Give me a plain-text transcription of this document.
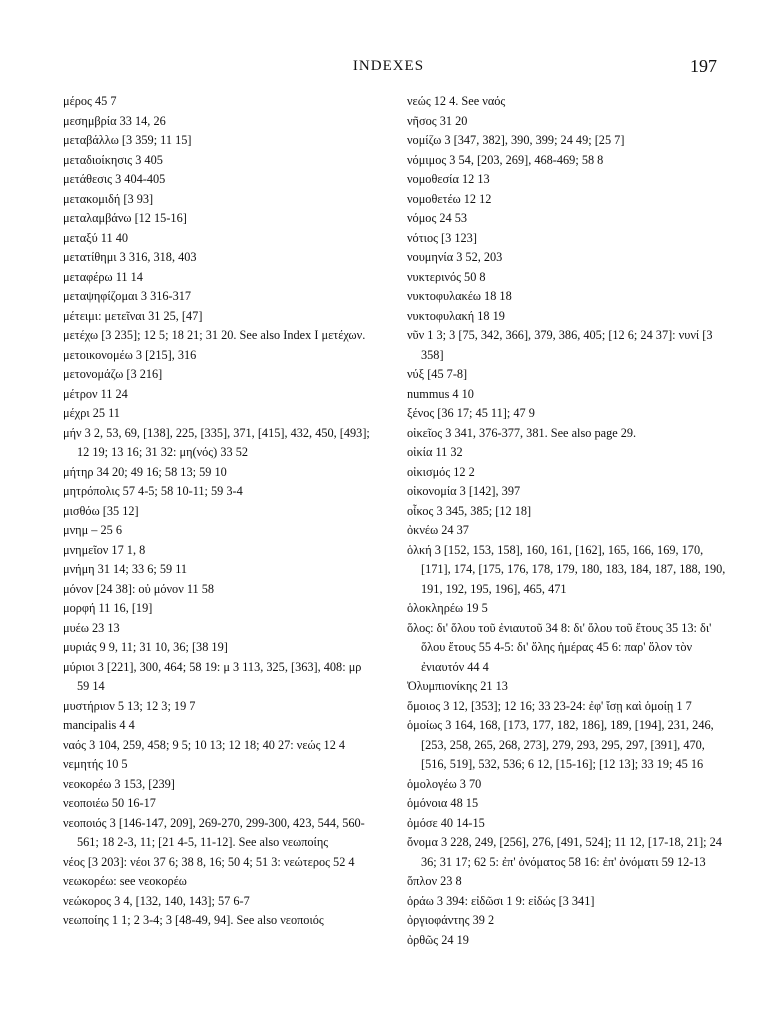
INDEXES	197
μέρος 45 7
μεσημβρία 33 14, 26
μεταβάλλω [3 359; 11 15]
μεταδιοίκησις 3 405
μετάθεσις 3 404-405
μετακομιδή [3 93]
μεταλαμβάνω [12 15-16]
μεταξύ 11 40
μετατίθημι 3 316, 318, 403
μεταφέρω 11 14
μεταψηφίζομαι 3 316-317
μέτειμι: μετεῖναι 31 25, [47]
μετέχω [3 235]; 12 5; 18 21; 31 20. See also Index I μετέχων.
μετοικονομέω 3 [215], 316
μετονομάζω [3 216]
μέτρον 11 24
μέχρι 25 11
μήν 3 2, 53, 69, [138], 225, [335], 371, [415], 432, 450, [493]; 12 19; 13 16; 31 32: μη(νός) 33 52
μήτηρ 34 20; 49 16; 58 13; 59 10
μητρόπολις 57 4-5; 58 10-11; 59 3-4
μισθόω [35 12]
μνημ – 25 6
μνημεῖον 17 1, 8
μνήμη 31 14; 33 6; 59 11
μόνον [24 38]: οὐ μόνον 11 58
μορφή 11 16, [19]
μυέω 23 13
μυριάς 9 9, 11; 31 10, 36; [38 19]
μύριοι 3 [221], 300, 464; 58 19: μ 3 113, 325, [363], 408: μρ 59 14
μυστήριον 5 13; 12 3; 19 7
mancipalis 4 4
ναός 3 104, 259, 458; 9 5; 10 13; 12 18; 40 27: νεώς 12 4
νεμητής 10 5
νεοκορέω 3 153, [239]
νεοποιέω 50 16-17
νεοποιός 3 [146-147, 209], 269-270, 299-300, 423, 544, 560-561; 18 2-3, 11; [21 4-5, 11-12]. See also νεωποίης
νέος [3 203]: νέοι 37 6; 38 8, 16; 50 4; 51 3: νεώτερος 52 4
νεωκορέω: see νεοκορέω
νεώκορος 3 4, [132, 140, 143]; 57 6-7
νεωποίης 1 1; 2 3-4; 3 [48-49, 94]. See also νεοποιός
νεώς 12 4. See ναός
νῆσος 31 20
νομίζω 3 [347, 382], 390, 399; 24 49; [25 7]
νόμιμος 3 54, [203, 269], 468-469; 58 8
νομοθεσία 12 13
νομοθετέω 12 12
νόμος 24 53
νότιος [3 123]
νουμηνία 3 52, 203
νυκτερινός 50 8
νυκτοφυλακέω 18 18
νυκτοφυλακή 18 19
νῦν 1 3; 3 [75, 342, 366], 379, 386, 405; [12 6; 24 37]: νυνί [3 358]
νύξ [45 7-8]
nummus 4 10
ξένος [36 17; 45 11]; 47 9
οἰκεῖος 3 341, 376-377, 381. See also page 29.
οἰκία 11 32
οἰκισμός 12 2
οἰκονομία 3 [142], 397
οἶκος 3 345, 385; [12 18]
ὀκνέω 24 37
ὁλκή 3 [152, 153, 158], 160, 161, [162], 165, 166, 169, 170, [171], 174, [175, 176, 178, 179, 180, 183, 184, 187, 188, 190, 191, 192, 195, 196], 465, 471
ὁλοκληρέω 19 5
ὅλος: δι' ὅλου τοῦ ἐνιαυτοῦ 34 8: δι' ὅλου τοῦ ἔτους 35 13: δι' ὅλου ἔτους 55 4-5: δι' ὅλης ἡμέρας 45 6: παρ' ὅλον τὸν ἐνιαυτόν 44 4
Ὀλυμπιονίκης 21 13
ὅμοιος 3 12, [353]; 12 16; 33 23-24: ἐφ' ἴσῃ καὶ ὁμοίῃ 1 7
ὁμοίως 3 164, 168, [173, 177, 182, 186], 189, [194], 231, 246, [253, 258, 265, 268, 273], 279, 293, 295, 297, [391], 470, [516, 519], 532, 536; 6 12, [15-16]; [12 13]; 33 19; 45 16
ὁμολογέω 3 70
ὁμόνοια 48 15
ὀμόσε 40 14-15
ὄνομα 3 228, 249, [256], 276, [491, 524]; 11 12, [17-18, 21]; 24 36; 31 17; 62 5: ἐπ' ὀνόματος 58 16: ἐπ' ὀνόματι 59 12-13
ὅπλον 23 8
ὁράω 3 394: εἰδῶσι 1 9: εἰδώς [3 341]
ὀργιοφάντης 39 2
ὀρθῶς 24 19
